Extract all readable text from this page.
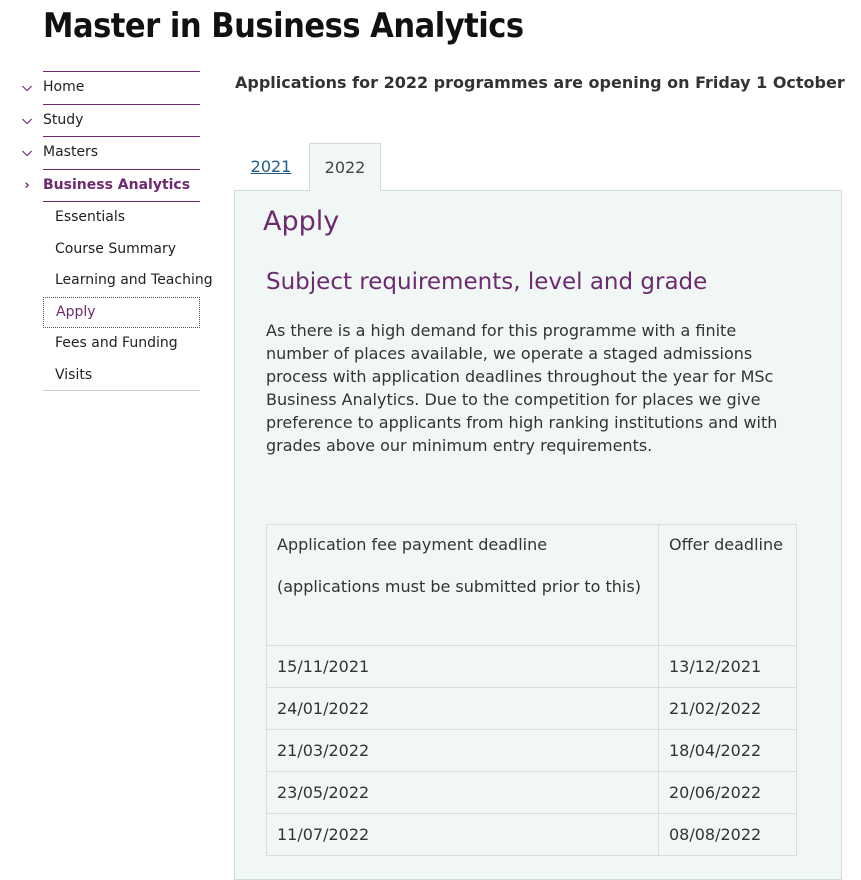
Master in Business Analytics
⌵ Home
⌵ Study
⌵ Masters
› Business Analytics
Essentials
Course Summary
Learning and Teaching
Apply
Fees and Funding
Visits

Applications for 2022 programmes are opening on Friday 1 October

2021	2022
Apply
Subject requirements, level and grade

As there is a high demand for this programme with a finite number of places available, we operate a staged admissions process with application deadlines throughout the year for MSc Business Analytics. Due to the competition for places we give preference to applicants from high ranking institutions and with grades above our minimum entry requirements.

Application fee payment deadline
(applications must be submitted prior to this)	Offer deadline
15/11/2021	13/12/2021
24/01/2022	21/02/2022
21/03/2022	18/04/2022
23/05/2022	20/06/2022
11/07/2022	08/08/2022
